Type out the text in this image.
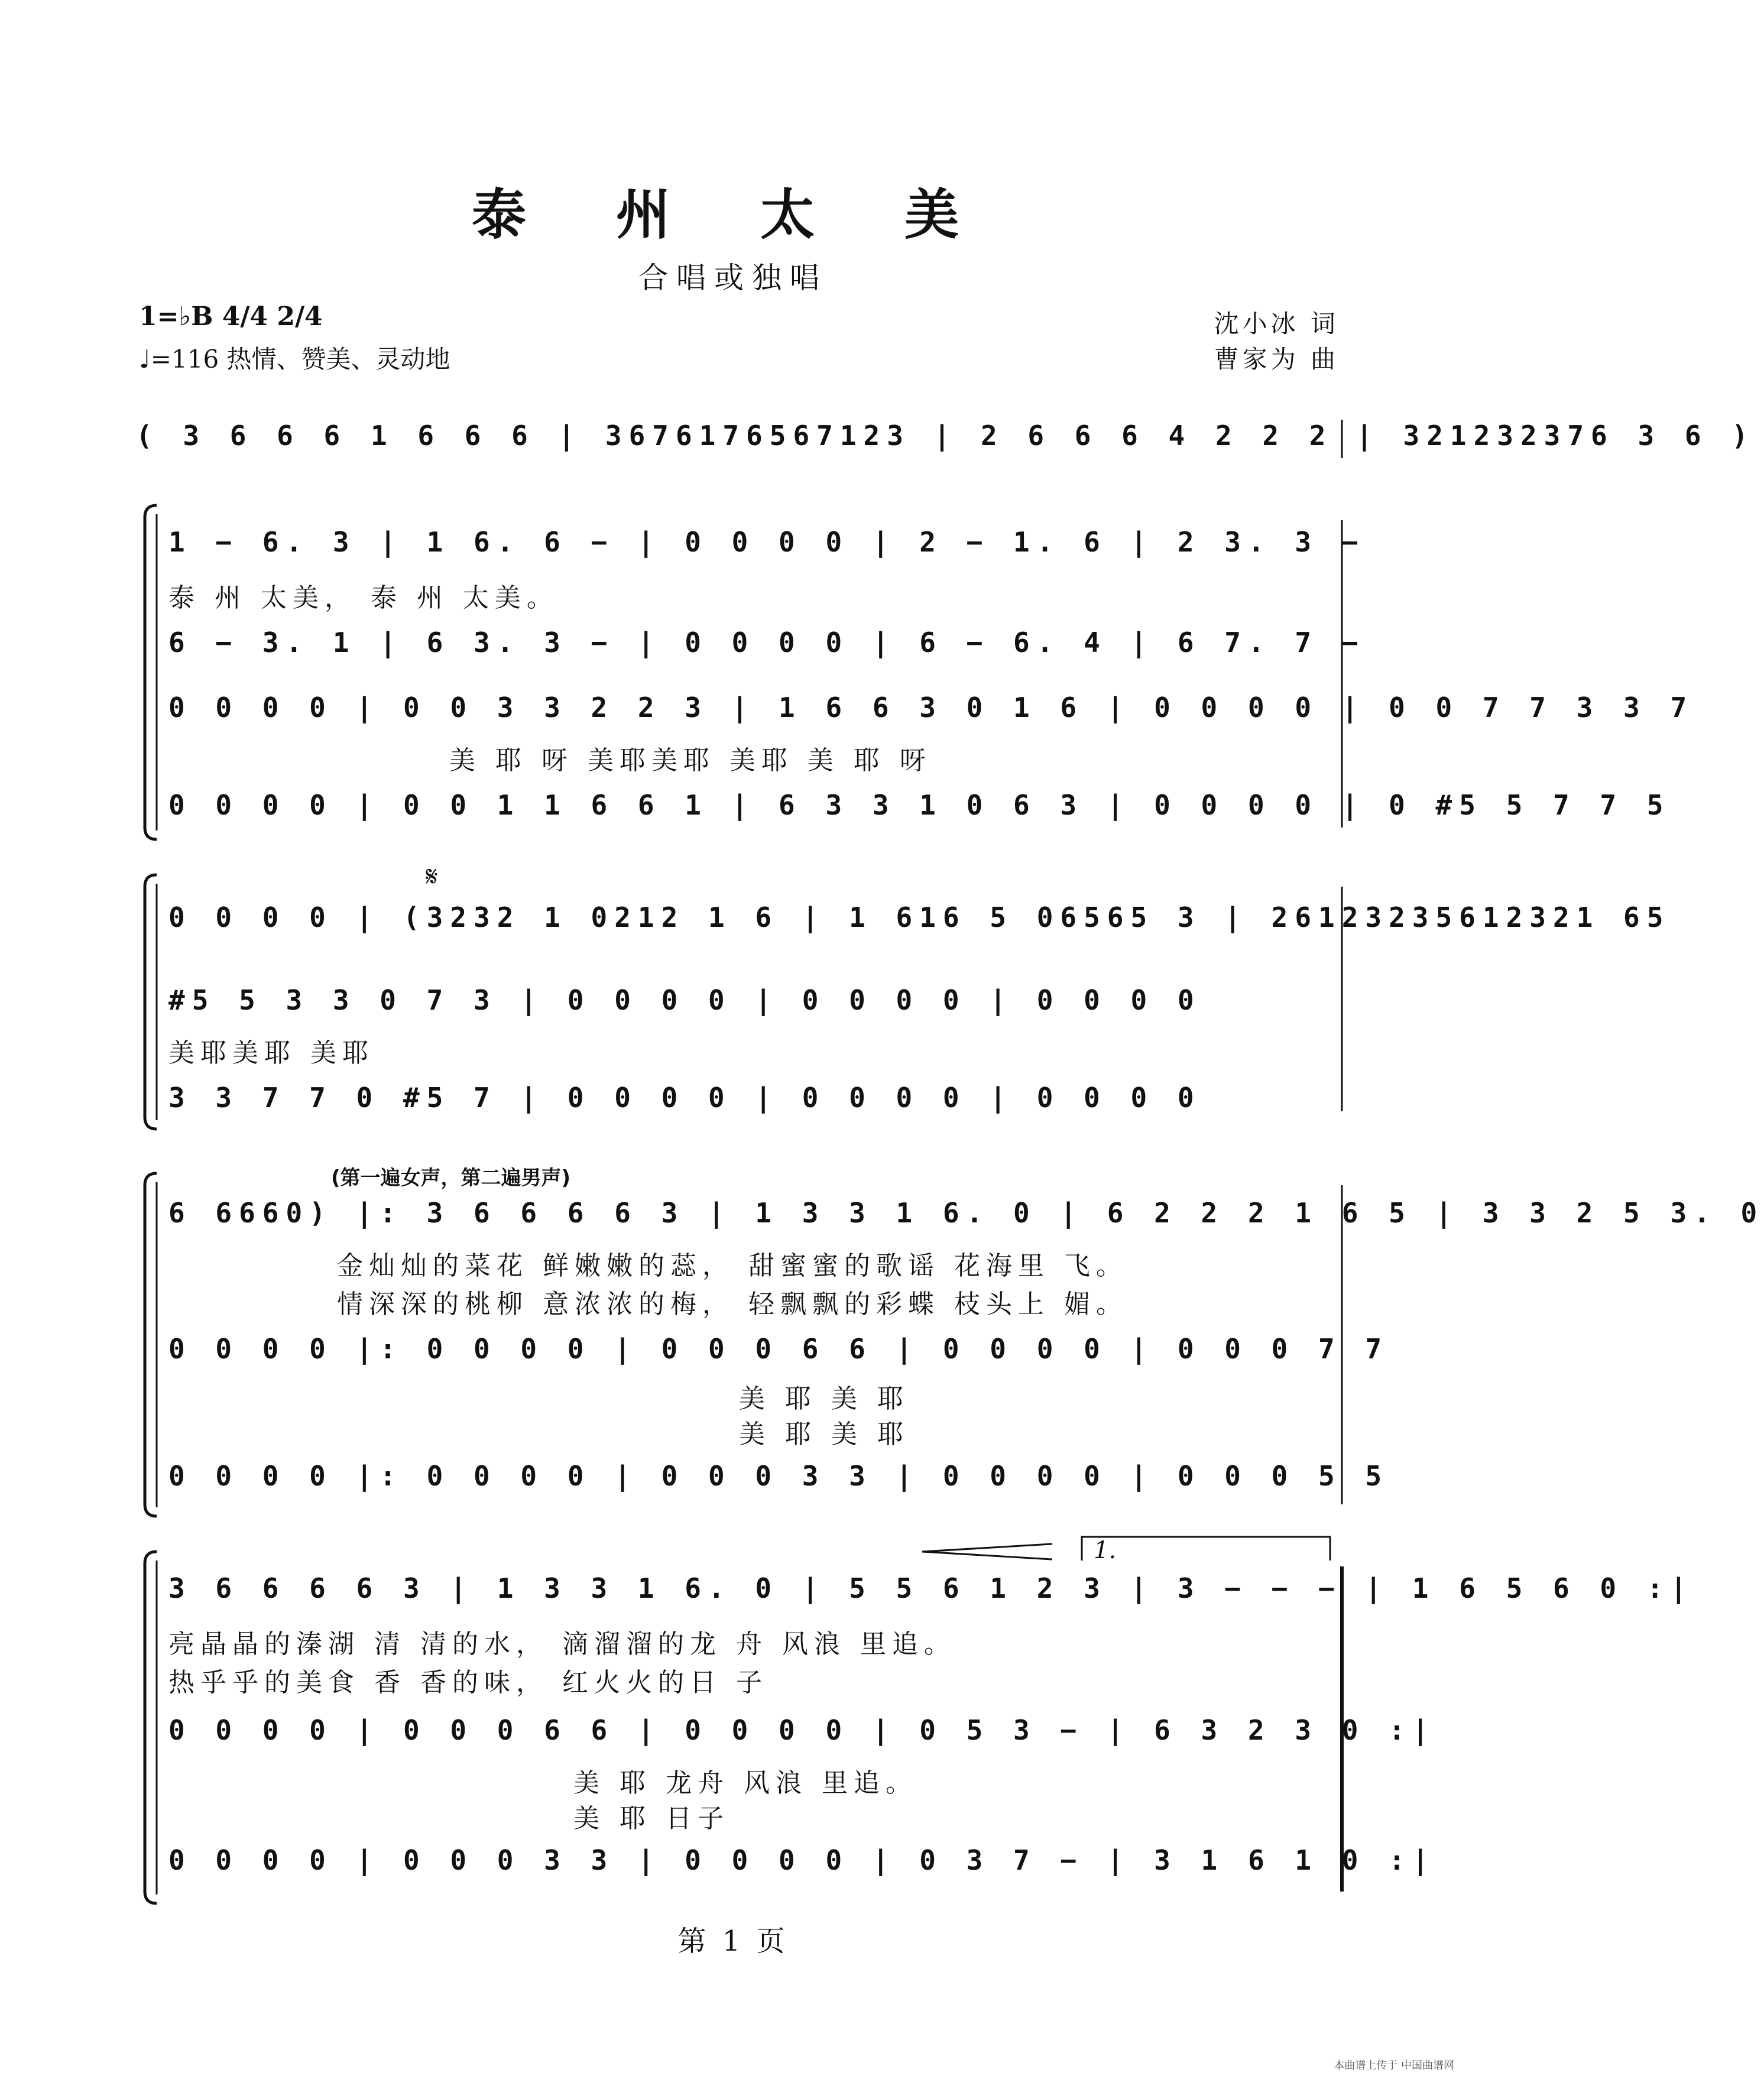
泰 州 太 美
合唱或独唱
1=♭B 4/4 2/4
♩=116 热情、赞美、灵动地
沈小冰 词
曹家为 曲
( 3 6 6 6 1 6 6 6 | 3676176567123 | 2 6 6 6 4 2 2 2 | 321232376 3 6 )
𝄋
1.
1 − 6. 3 | 1 6. 6 − | 0 0 0 0 | 2 − 1. 6 | 2 3. 3 −
泰 州 太美， 泰 州 太美。
6 − 3. 1 | 6 3. 3 − | 0 0 0 0 | 6 − 6. 4 | 6 7. 7 −
0 0 0 0 | 0 0 3 3 2 2 3 | 1 6 6 3 0 1 6 | 0 0 0 0 | 0 0 7 7 3 3 7
美 耶 呀 美耶美耶 美耶 美 耶 呀
0 0 0 0 | 0 0 1 1 6 6 1 | 6 3 3 1 0 6 3 | 0 0 0 0 | 0 #5 5 7 7 5
0 0 0 0 | (3232 1 0212 1 6 | 1 616 5 06565 3 | 26123235612321 65
#5 5 3 3 0 7 3 | 0 0 0 0 | 0 0 0 0 | 0 0 0 0
美耶美耶 美耶
3 3 7 7 0 #5 7 | 0 0 0 0 | 0 0 0 0 | 0 0 0 0
(第一遍女声，第二遍男声)
6 6660) |: 3 6 6 6 6 3 | 1 3 3 1 6. 0 | 6 2 2 2 1 6 5 | 3 3 2 5 3. 0
金灿灿的菜花 鲜嫩嫩的蕊， 甜蜜蜜的歌谣 花海里 飞。
情深深的桃柳 意浓浓的梅， 轻飘飘的彩蝶 枝头上 媚。
0 0 0 0 |: 0 0 0 0 | 0 0 0 6 6 | 0 0 0 0 | 0 0 0 7 7
美 耶 美 耶
美 耶 美 耶
0 0 0 0 |: 0 0 0 0 | 0 0 0 3 3 | 0 0 0 0 | 0 0 0 5 5
3 6 6 6 6 3 | 1 3 3 1 6. 0 | 5 5 6 1 2 3 | 3 − − − | 1 6 5 6 0 :|
亮晶晶的溱湖 清 清的水， 滴溜溜的龙 舟 风浪 里追。
热乎乎的美食 香 香的味， 红火火的日 子
0 0 0 0 | 0 0 0 6 6 | 0 0 0 0 | 0 5 3 − | 6 3 2 3 0 :|
美 耶 龙舟 风浪 里追。
美 耶 日子
0 0 0 0 | 0 0 0 3 3 | 0 0 0 0 | 0 3 7 − | 3 1 6 1 0 :|
第 1 页
本曲谱上传于 中国曲谱网
